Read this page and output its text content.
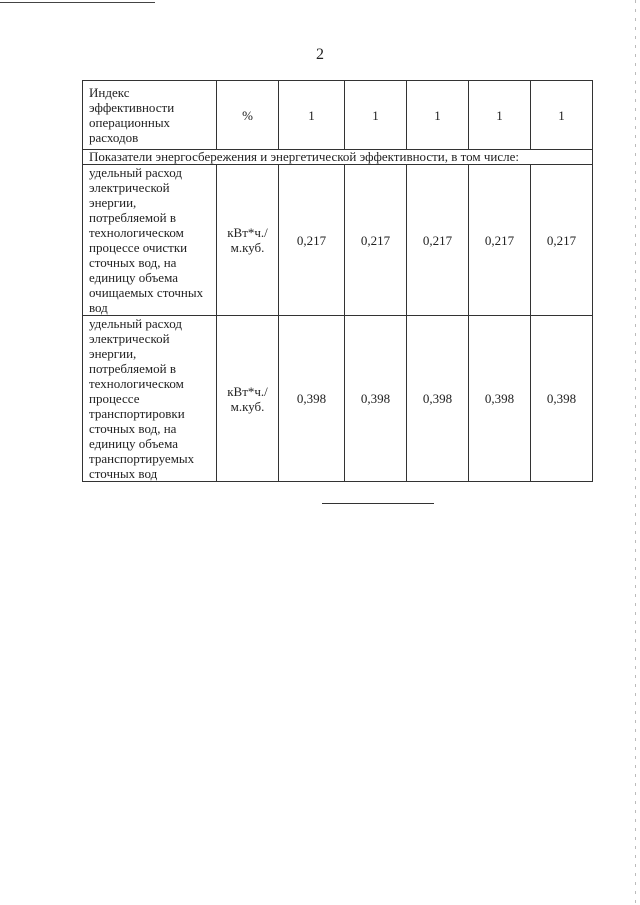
2
Индекс эффективности операционных расходов	%	1	1	1	1	1
Показатели энергосбережения и энергетической эффективности, в том числе:						
удельный расход электрической энергии, потребляемой в технологическом процессе очистки сточных вод, на единицу объема очищаемых сточных вод	кВт*ч./м.куб.	0,217	0,217	0,217	0,217	0,217
удельный расход электрической энергии, потребляемой в технологическом процессе транспортировки сточных вод, на единицу объема транспортируемых сточных вод	кВт*ч./м.куб.	0,398	0,398	0,398	0,398	0,398
